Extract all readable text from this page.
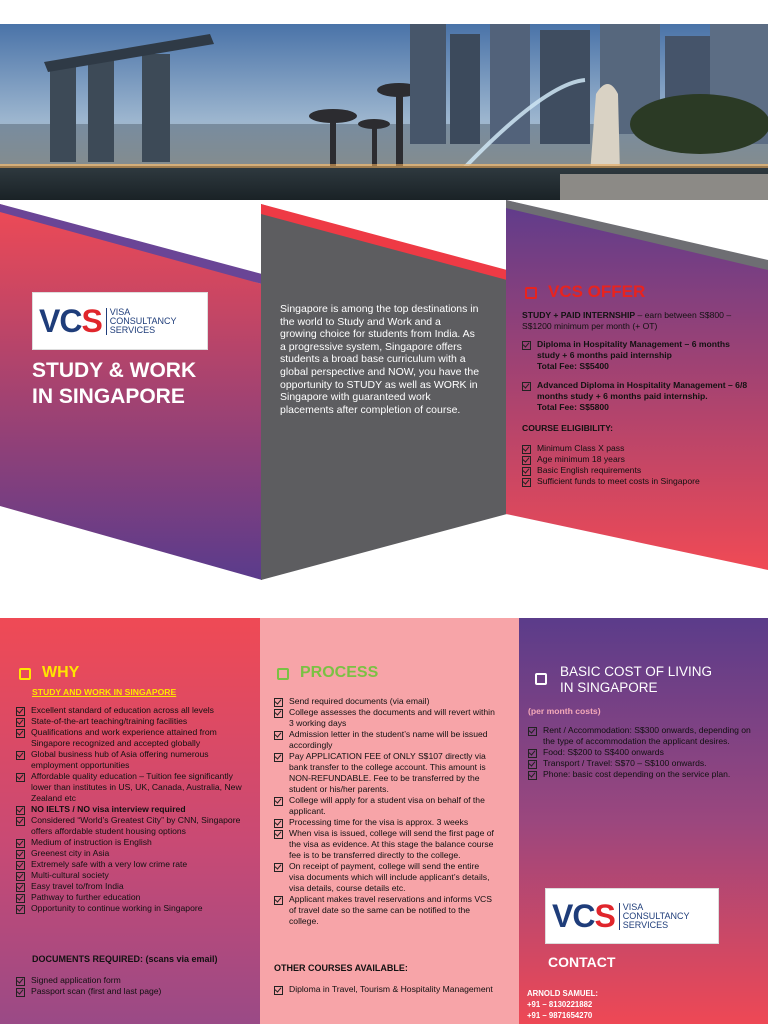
VCS VISA
CONSULTANCY
SERVICES
STUDY & WORK
IN SINGAPORE
Singapore is among the top destinations in the world to Study and Work and a growing choice for students from India. As a progressive system, Singapore offers students a broad base curriculum with a global perspective and NOW, you have the opportunity to STUDY as well as WORK in Singapore with guaranteed work placements after completion of course.
VCS OFFER
STUDY + PAID INTERNSHIP – earn between S$800 – S$1200 minimum per month (+ OT)
Diploma in Hospitality Management – 6 months study + 6 months paid internship
Total Fee: S$5400
Advanced Diploma in Hospitality Management – 6/8 months study + 6 months paid internship.
Total Fee: S$5800
COURSE ELIGIBILITY:
Minimum Class X pass
Age minimum 18 years
Basic English requirements
Sufficient funds to meet costs in Singapore
WHY
STUDY AND WORK IN SINGAPORE
Excellent standard of education across all levels
State-of-the-art teaching/training facilities
Qualifications and work experience attained from Singapore recognized and accepted globally
Global business hub of Asia offering numerous employment opportunities
Affordable quality education – Tuition fee significantly lower than institutes in US, UK, Canada, Australia, New Zealand etc
NO IELTS / NO visa interview required
Considered “World’s Greatest City” by CNN, Singapore offers affordable student housing options
Medium of instruction is English
Greenest city in Asia
Extremely safe with a very low crime rate
Multi-cultural society
Easy travel to/from India
Pathway to further education
Opportunity to continue working in Singapore
DOCUMENTS REQUIRED: (scans via email)
Signed application form
Passport scan (first and last page)
PROCESS
Send required documents (via email)
College assesses the documents and will revert within 3 working days
Admission letter in the student’s name will be issued accordingly
Pay APPLICATION FEE of ONLY S$107 directly via bank transfer to the college account. This amount is NON-REFUNDABLE. Fee to be transferred by the student or his/her parents.
College will apply for a student visa on behalf of the applicant.
Processing time for the visa is approx. 3 weeks
When visa is issued, college will send the first page of the visa as evidence. At this stage the balance course fee is to be transferred directly to the college.
On receipt of payment, college will send the entire visa documents which will include applicant’s details, visa details, course details etc.
Applicant makes travel reservations and informs VCS of travel date so the same can be notified to the college.
OTHER COURSES AVAILABLE:
Diploma in Travel, Tourism & Hospitality Management
BASIC COST OF LIVING
IN SINGAPORE
(per month costs)
Rent / Accommodation: S$300 onwards, depending on the type of accommodation the applicant desires.
Food: S$200 to S$400 onwards
Transport / Travel: S$70 – S$100 onwards.
Phone: basic cost depending on the service plan.
VCS VISA
CONSULTANCY
SERVICES
CONTACT
ARNOLD SAMUEL:
+91 – 8130221882
+91 – 9871654270
